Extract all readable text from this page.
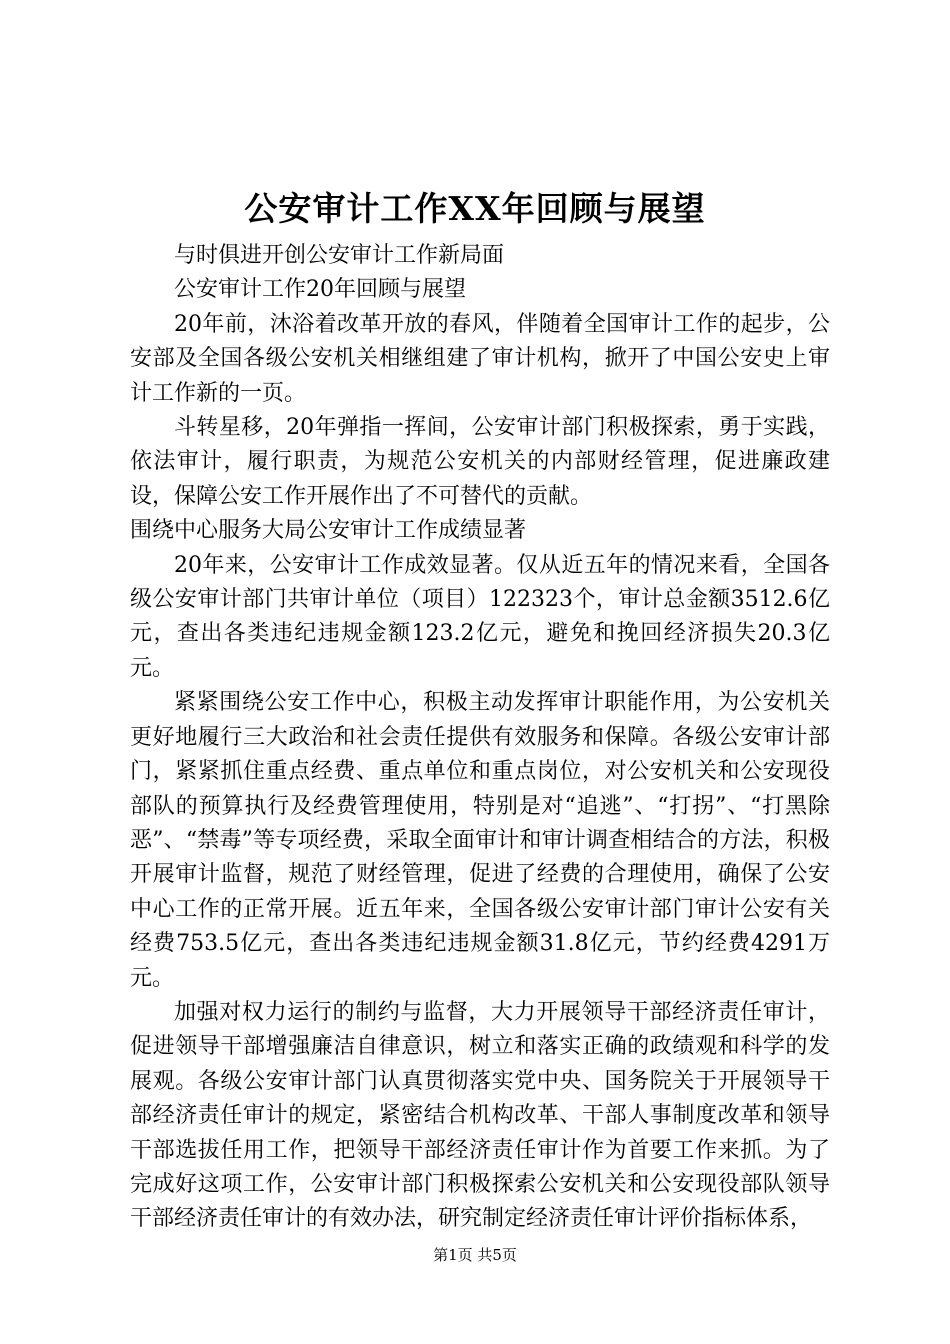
公安审计工作XX年回顾与展望

与时俱进开创公安审计工作新局面

公安审计工作20年回顾与展望

20年前，沐浴着改革开放的春风，伴随着全国审计工作的起步，公安部及全国各级公安机关相继组建了审计机构，掀开了中国公安史上审计工作新的一页。

斗转星移，20年弹指一挥间，公安审计部门积极探索，勇于实践，依法审计，履行职责，为规范公安机关的内部财经管理，促进廉政建设，保障公安工作开展作出了不可替代的贡献。

围绕中心服务大局公安审计工作成绩显著

20年来，公安审计工作成效显著。仅从近五年的情况来看，全国各级公安审计部门共审计单位（项目）122323个，审计总金额3512.6亿元，查出各类违纪违规金额123.2亿元，避免和挽回经济损失20.3亿元。

紧紧围绕公安工作中心，积极主动发挥审计职能作用，为公安机关更好地履行三大政治和社会责任提供有效服务和保障。各级公安审计部门，紧紧抓住重点经费、重点单位和重点岗位，对公安机关和公安现役部队的预算执行及经费管理使用，特别是对“追逃”、“打拐”、“打黑除恶”、“禁毒”等专项经费，采取全面审计和审计调查相结合的方法，积极开展审计监督，规范了财经管理，促进了经费的合理使用，确保了公安中心工作的正常开展。近五年来，全国各级公安审计部门审计公安有关经费753.5亿元，查出各类违纪违规金额31.8亿元，节约经费4291万元。

加强对权力运行的制约与监督，大力开展领导干部经济责任审计，促进领导干部增强廉洁自律意识，树立和落实正确的政绩观和科学的发展观。各级公安审计部门认真贯彻落实党中央、国务院关于开展领导干部经济责任审计的规定，紧密结合机构改革、干部人事制度改革和领导干部选拔任用工作，把领导干部经济责任审计作为首要工作来抓。为了完成好这项工作，公安审计部门积极探索公安机关和公安现役部队领导干部经济责任审计的有效办法，研究制定经济责任审计评价指标体系，

第1页 共5页
